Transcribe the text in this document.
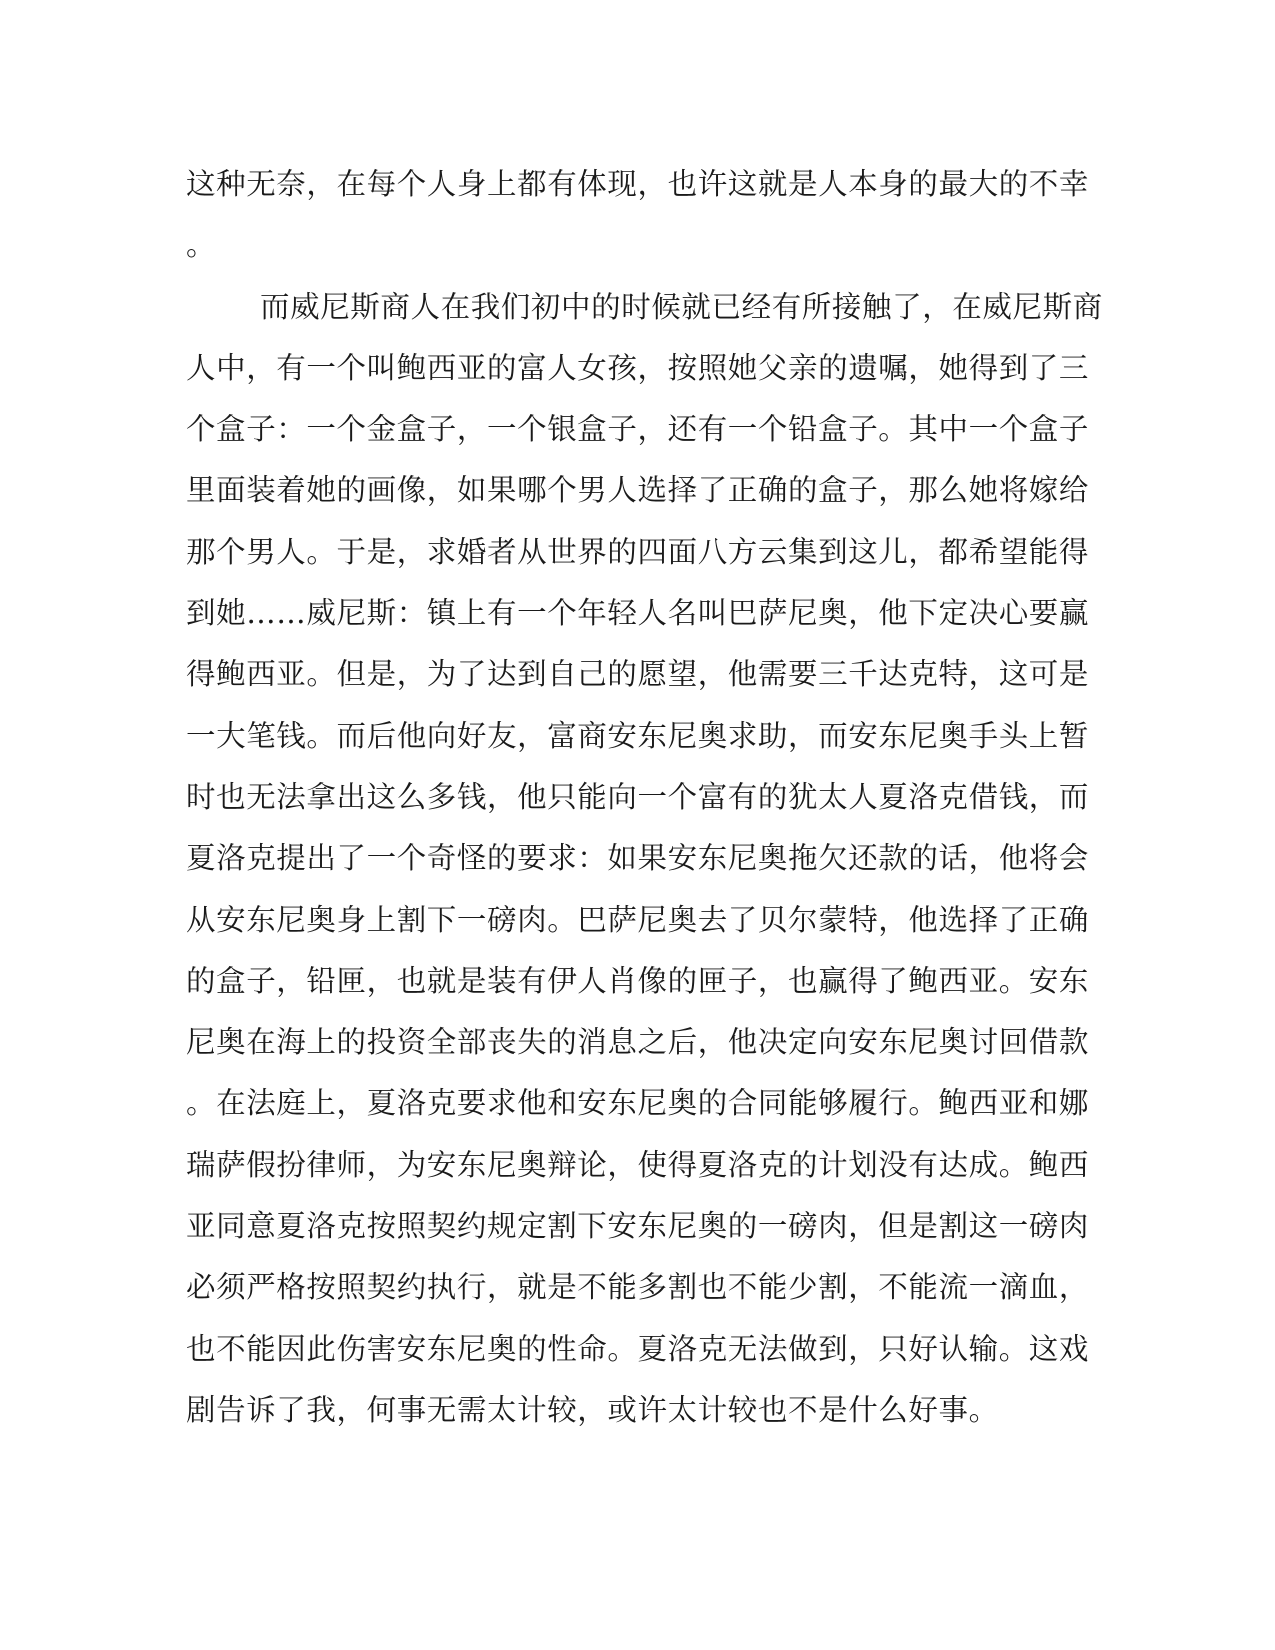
这种无奈，在每个人身上都有体现，也许这就是人本身的最大的不幸
。
而威尼斯商人在我们初中的时候就已经有所接触了，在威尼斯商
人中，有一个叫鲍西亚的富人女孩，按照她父亲的遗嘱，她得到了三
个盒子：一个金盒子，一个银盒子，还有一个铅盒子。其中一个盒子
里面装着她的画像，如果哪个男人选择了正确的盒子，那么她将嫁给
那个男人。于是，求婚者从世界的四面八方云集到这儿，都希望能得
到她……威尼斯：镇上有一个年轻人名叫巴萨尼奥，他下定决心要赢
得鲍西亚。但是，为了达到自己的愿望，他需要三千达克特，这可是
一大笔钱。而后他向好友，富商安东尼奥求助，而安东尼奥手头上暂
时也无法拿出这么多钱，他只能向一个富有的犹太人夏洛克借钱，而
夏洛克提出了一个奇怪的要求：如果安东尼奥拖欠还款的话，他将会
从安东尼奥身上割下一磅肉。巴萨尼奥去了贝尔蒙特，他选择了正确
的盒子，铅匣，也就是装有伊人肖像的匣子，也赢得了鲍西亚。安东
尼奥在海上的投资全部丧失的消息之后，他决定向安东尼奥讨回借款
。在法庭上，夏洛克要求他和安东尼奥的合同能够履行。鲍西亚和娜
瑞萨假扮律师，为安东尼奥辩论，使得夏洛克的计划没有达成。鲍西
亚同意夏洛克按照契约规定割下安东尼奥的一磅肉，但是割这一磅肉
必须严格按照契约执行，就是不能多割也不能少割，不能流一滴血，
也不能因此伤害安东尼奥的性命。夏洛克无法做到，只好认输。这戏
剧告诉了我，何事无需太计较，或许太计较也不是什么好事。
